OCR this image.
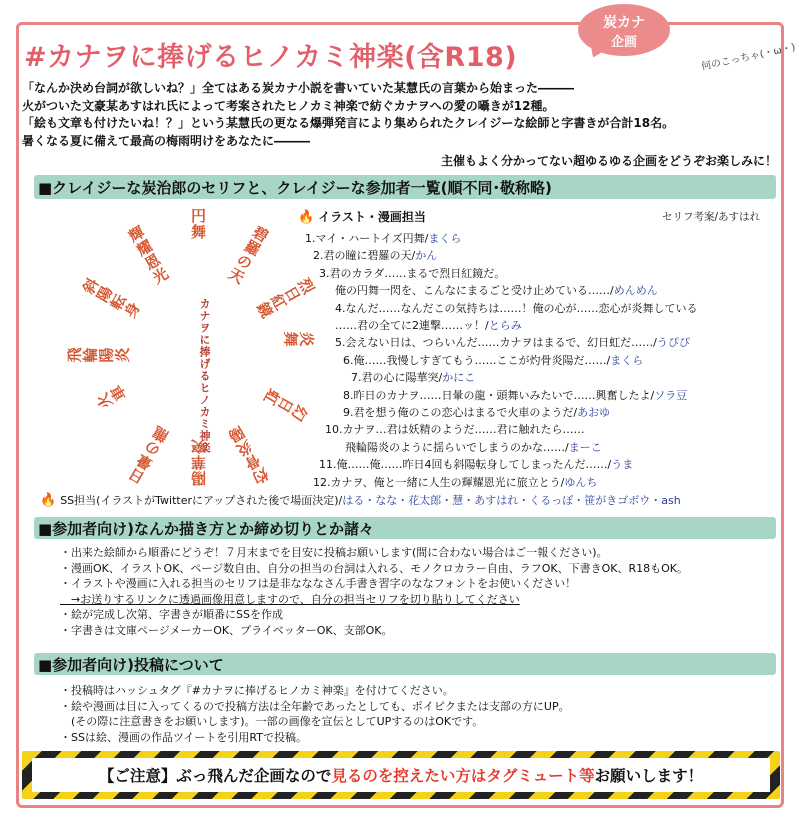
#カナヲに捧げるヒノカミ神楽(含R18)
炭カナ
企画	何のこっちゃ(・ω・)
「なんか決め台詞が欲しいね？」全てはある炭カナ小説を書いていた某慧氏の言葉から始まった―――
火がついた文豪某あすはれ氏によって考案されたヒノカミ神楽で紡ぐカナヲへの愛の囁きが12種。
「絵も文章も付けたいね！？」という某慧氏の更なる爆弾発言により集められたクレイジーな絵師と字書きが合計18名。
暑くなる夏に備えて最高の梅雨明けをあなたに―――
主催もよく分かってない超ゆるゆる企画をどうぞお楽しみに！
■クレイジーな炭治郎のセリフと、クレイジーな参加者一覧(順不同･敬称略)
カナヲに捧げるヒノカミ神楽
円舞 碧羅の天
烈日紅鏡
炎舞
幻日虹
灼骨炎陽
陽華突
日暈の龍
火車
飛輪陽炎
斜陽転身
輝耀恩光
🔥 イラスト・漫画担当	セリフ考案/あすはれ
1.マイ・ハートイズ円舞/まくら
2.君の瞳に碧羅の天/かん
3.君のカラダ……まるで烈日紅鏡だ。
俺の円舞一閃を、こんなにまるごと受け止めている……/めんめん
4.なんだ……なんだこの気持ちは……！俺の心が……恋心が炎舞している
……君の全てに2連撃……ッ！/とらみ
5.会えない日は、つらいんだ……カナヲはまるで、幻日虹だ……/うぴぴ
6.俺……我慢しすぎてもう……ここが灼骨炎陽だ……/まくら
7.君の心に陽華突/かにこ
8.昨日のカナヲ……日暈の龍・頭舞いみたいで……興奮したよ/ソラ豆
9.君を想う俺のこの恋心はまるで火車のようだ/あおゆ
10.カナヲ…君は妖精のようだ……君に触れたら……
飛輪陽炎のように揺らいでしまうのかな……/まーこ
11.俺……俺……昨日4回も斜陽転身してしまったんだ……/うま
12.カナヲ、俺と一緒に人生の輝耀恩光に旅立とう/ゆんち
🔥 SS担当(イラストがTwitterにアップされた後で場面決定)/はる・なな・花太郎・慧・あすはれ・くるっぽ・笹がきゴボウ・ash
■参加者向け)なんか描き方とか締め切りとか諸々
・出来た絵師から順番にどうぞ！７月末までを目安に投稿お願いします(間に合わない場合はご一報ください)。
・漫画OK、イラストOK、ページ数自由、自分の担当の台詞は入れる、モノクロカラー自由、ラフOK、下書きOK、R18もOK。
・イラストや漫画に入れる担当のセリフは是非なななさん手書き習字のななフォントをお使いください！
　→お送りするリンクに透過画像用意しますので、自分の担当セリフを切り貼りしてください
・絵が完成し次第、字書きが順番にSSを作成
・字書きは文庫ページメーカーOK、プライベッターOK、支部OK。
■参加者向け)投稿について
・投稿時はハッシュタグ『#カナヲに捧げるヒノカミ神楽』を付けてください。
・絵や漫画は目に入ってくるので投稿方法は全年齢であったとしても、ポイピクまたは支部の方にUP。
　(その際に注意書きをお願いします)。一部の画像を宣伝としてUPするのはOKです。
・SSは絵、漫画の作品ツイートを引用RTで投稿。
【ご注意】ぶっ飛んだ企画なので 見るのを控えたい方はタグミュート等 お願いします！
